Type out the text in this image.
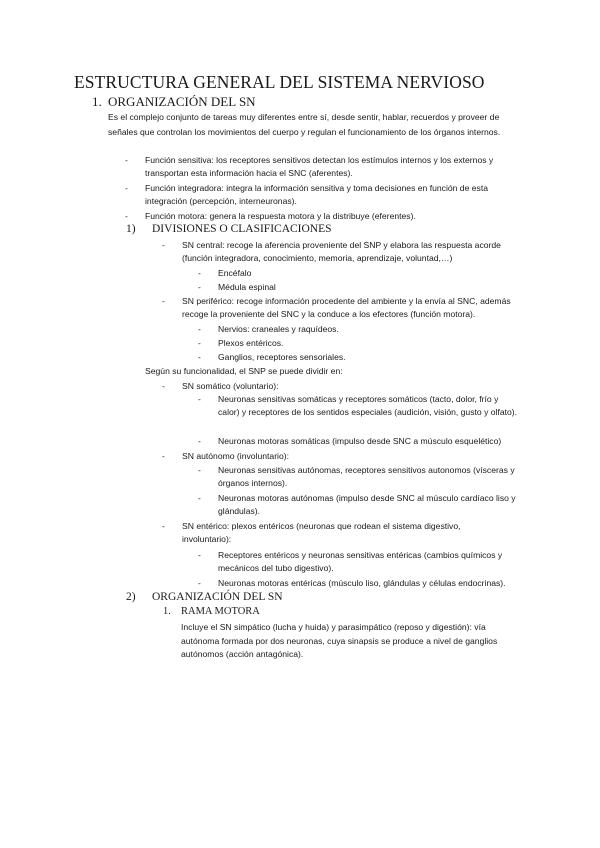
ESTRUCTURA GENERAL DEL SISTEMA NERVIOSO
1. ORGANIZACIÓN DEL SN
Es el complejo conjunto de tareas muy diferentes entre sí, desde sentir, hablar, recuerdos y proveer de señales que controlan los movimientos del cuerpo y regulan el funcionamiento de los órganos internos.
- Función sensitiva: los receptores sensitivos detectan los estímulos internos y los externos y transportan esta información hacia el SNC (aferentes).
- Función integradora: integra la información sensitiva y toma decisiones en función de esta integración (percepción, interneuronas).
- Función motora: genera la respuesta motora y la distribuye (eferentes).
1) DIVISIONES O CLASIFICACIONES
- SN central: recoge la aferencia proveniente del SNP y elabora las respuesta acorde (función integradora, conocimiento, memoria, aprendizaje, voluntad,…)
- Encéfalo
- Médula espinal
- SN periférico: recoge información procedente del ambiente y la envía al SNC, además recoge la proveniente del SNC y la conduce a los efectores (función motora).
- Nervios: craneales y raquídeos.
- Plexos entéricos.
- Ganglios, receptores sensoriales.
Según su funcionalidad, el SNP se puede dividir en:
- SN somático (voluntario):
- Neuronas sensitivas somáticas y receptores somáticos (tacto, dolor, frío y calor) y receptores de los sentidos especiales (audición, visión, gusto y olfato).
- Neuronas motoras somáticas (impulso desde SNC a músculo esquelético)
- SN autónomo (involuntario):
- Neuronas sensitivas autónomas, receptores sensitivos autonomos (vísceras y órganos internos).
- Neuronas motoras autónomas (impulso desde SNC al músculo cardíaco liso y glándulas).
- SN entérico: plexos entéricos (neuronas que rodean el sistema digestivo, involuntario):
- Receptores entéricos y neuronas sensitivas entéricas (cambios químicos y mecánicos del tubo digestivo).
- Neuronas motoras entéricas (músculo liso, glándulas y células endocrinas).
2) ORGANIZACIÓN DEL SN
1. RAMA MOTORA
Incluye el SN simpático (lucha y huida) y parasimpático (reposo y digestión): vía autónoma formada por dos neuronas, cuya sinapsis se produce a nivel de ganglios autónomos (acción antagónica).
